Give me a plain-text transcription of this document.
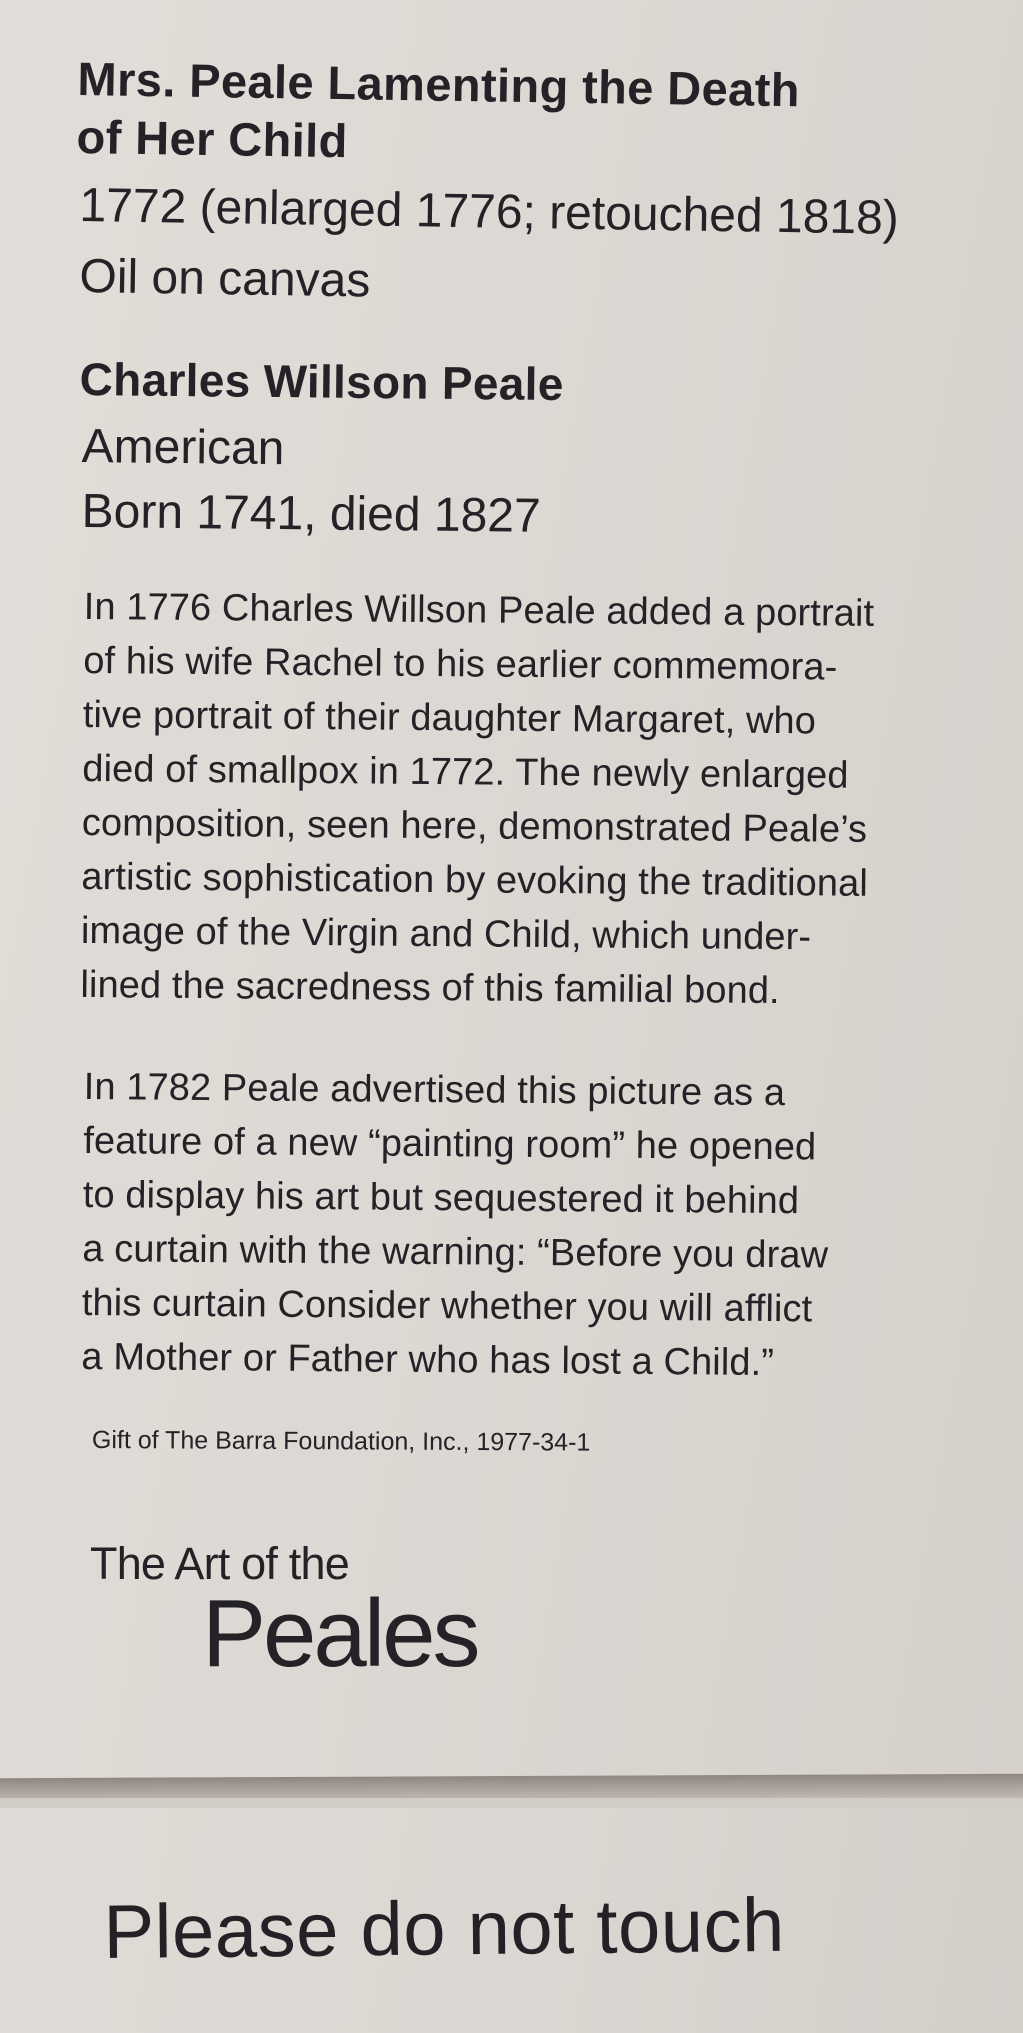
Mrs. Peale Lamenting the Death
of Her Child
1772 (enlarged 1776; retouched 1818)
Oil on canvas
Charles Willson Peale
American
Born 1741, died 1827

In 1776 Charles Willson Peale added a portrait
of his wife Rachel to his earlier commemora-
tive portrait of their daughter Margaret, who
died of smallpox in 1772. The newly enlarged
composition, seen here, demonstrated Peale’s
artistic sophistication by evoking the traditional
image of the Virgin and Child, which under-
lined the sacredness of this familial bond.

In 1782 Peale advertised this picture as a
feature of a new “painting room” he opened
to display his art but sequestered it behind
a curtain with the warning: “Before you draw
this curtain Consider whether you will afflict
a Mother or Father who has lost a Child.”

Gift of The Barra Foundation, Inc., 1977-34-1
The Art of the
Peales
Please do not touch
